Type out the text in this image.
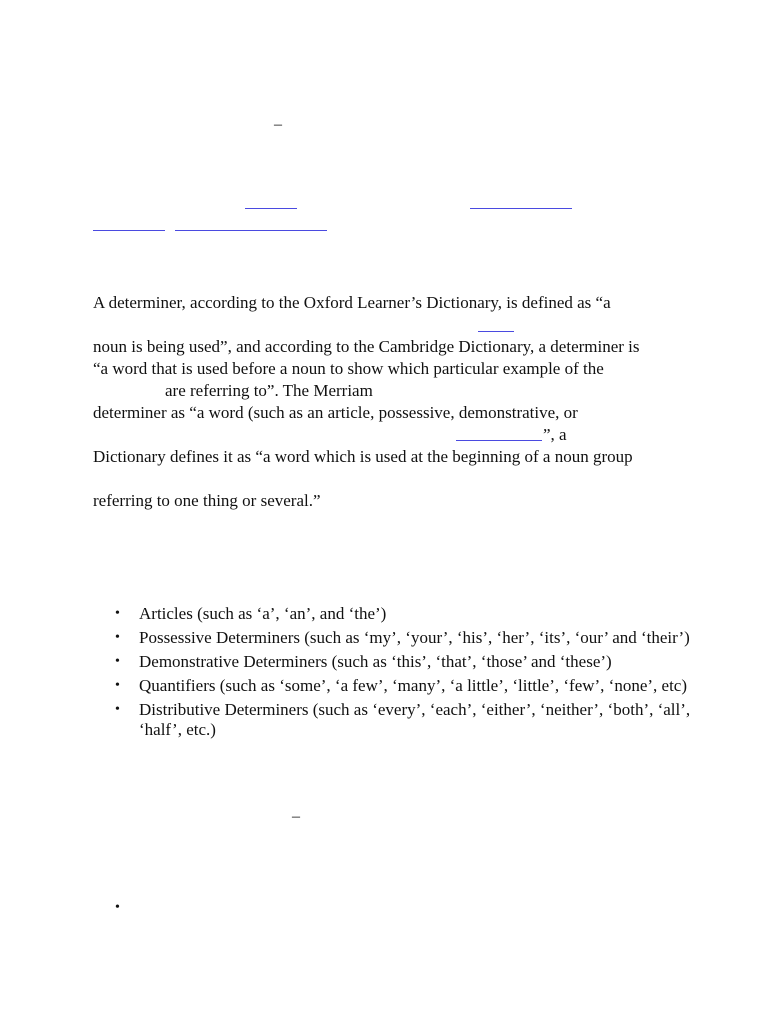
–
A determiner, according to the Oxford Learner’s Dictionary, is defined as “a
noun is being used”, and according to the Cambridge Dictionary, a determiner is
“a word that is used before a noun to show which particular example of the
are referring to”. The Merriam
determiner as “a word (such as an article, possessive, demonstrative, or
”, a
Dictionary defines it as “a word which is used at the beginning of a noun group
referring to one thing or several.”
• Articles (such as ‘a’, ‘an’, and ‘the’)
• Possessive Determiners (such as ‘my’, ‘your’, ‘his’, ‘her’, ‘its’, ‘our’ and ‘their’)
• Demonstrative Determiners (such as ‘this’, ‘that’, ‘those’ and ‘these’)
• Quantifiers (such as ‘some’, ‘a few’, ‘many’, ‘a little’, ‘little’, ‘few’, ‘none’, etc)
• Distributive Determiners (such as ‘every’, ‘each’, ‘either’, ‘neither’, ‘both’, ‘all’, ‘half’, etc.)
–
•
